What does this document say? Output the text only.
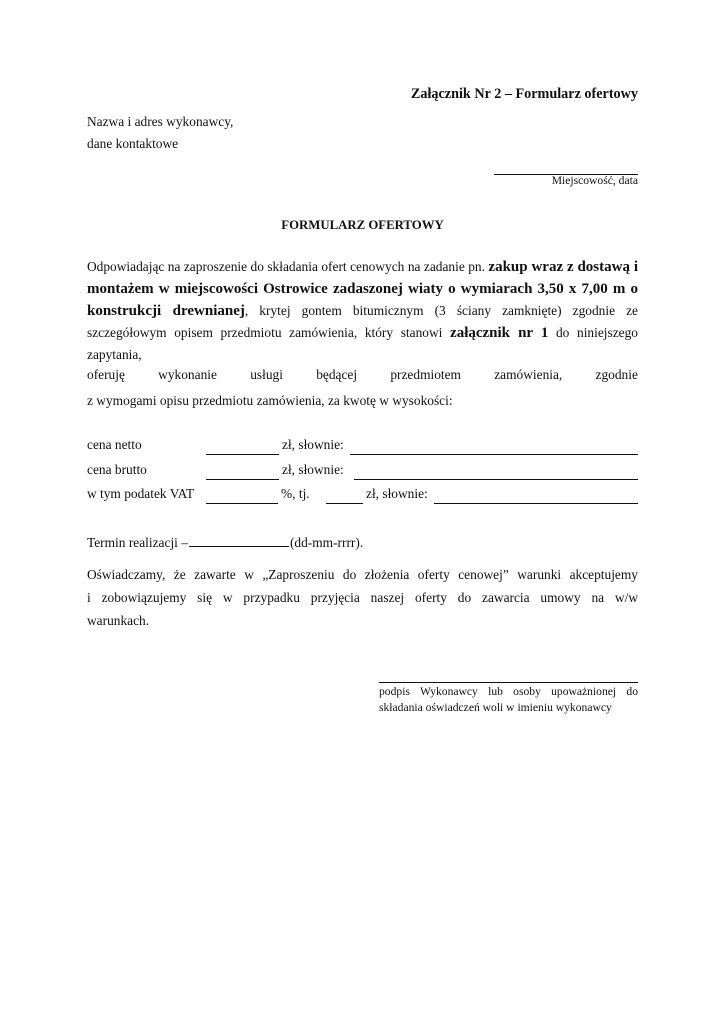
Załącznik Nr 2 – Formularz ofertowy
Nazwa i adres wykonawcy,
dane kontaktowe
Miejscowość, data
FORMULARZ OFERTOWY
Odpowiadając na zaproszenie do składania ofert cenowych na zadanie pn. zakup wraz z dostawą i montażem w miejscowości Ostrowice zadaszonej wiaty o wymiarach 3,50 x 7,00 m o konstrukcji drewnianej, krytej gontem bitumicznym (3 ściany zamknięte) zgodnie ze szczegółowym opisem przedmiotu zamówienia, który stanowi załącznik nr 1 do niniejszego zapytania,
oferuję wykonanie usługi będącej przedmiotem zamówienia, zgodnie
z wymogami opisu przedmiotu zamówienia, za kwotę w wysokości:
cena netto	zł, słownie:
cena brutto	zł, słownie:
w tym podatek VAT	%, tj.	zł, słownie:
Termin realizacji –	(dd-mm-rrrr).
Oświadczamy, że zawarte w „Zaproszeniu do złożenia oferty cenowej” warunki akceptujemy
i zobowiązujemy się w przypadku przyjęcia naszej oferty do zawarcia umowy na w/w
warunkach.
podpis Wykonawcy lub osoby upoważnionej do
składania oświadczeń woli w imieniu wykonawcy
